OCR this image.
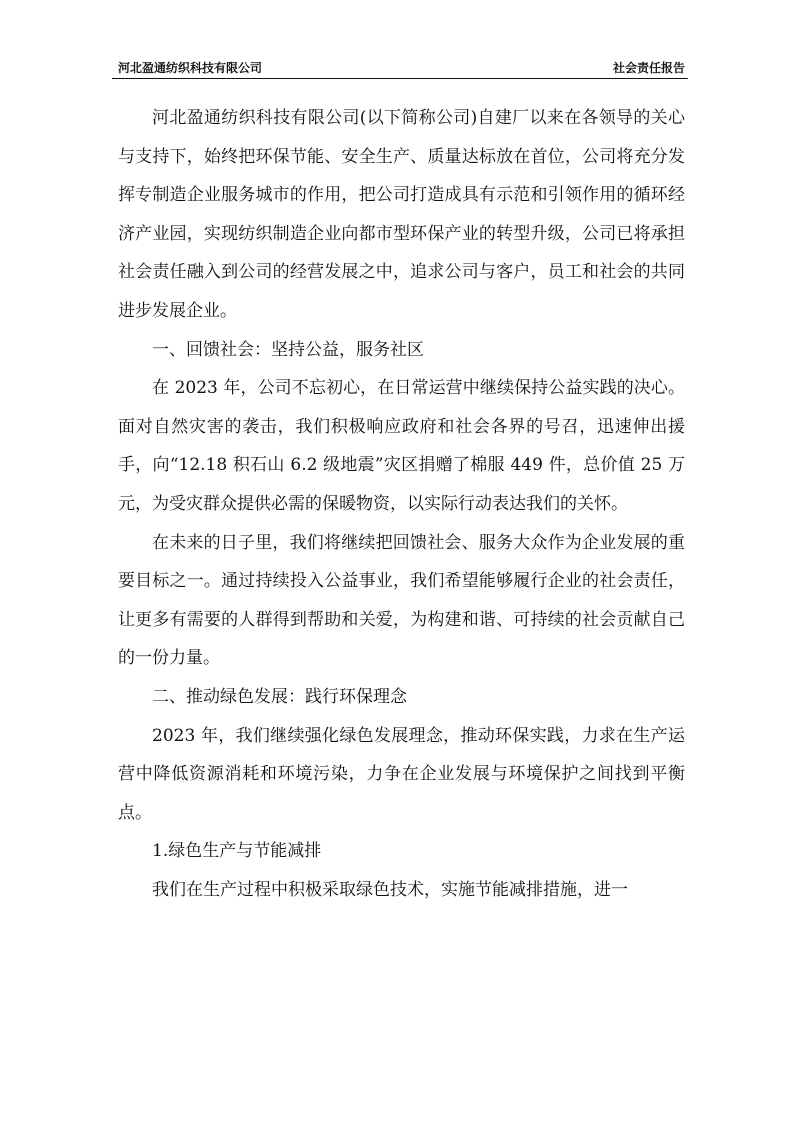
河北盈通纺织科技有限公司	社会责任报告

河北盈通纺织科技有限公司(以下简称公司)自建厂以来在各领导的关心与支持下，始终把环保节能、安全生产、质量达标放在首位，公司将充分发挥专制造企业服务城市的作用，把公司打造成具有示范和引领作用的循环经济产业园，实现纺织制造企业向都市型环保产业的转型升级，公司已将承担社会责任融入到公司的经营发展之中，追求公司与客户，员工和社会的共同进步发展企业。

一、回馈社会：坚持公益，服务社区

在 2023 年，公司不忘初心，在日常运营中继续保持公益实践的决心。面对自然灾害的袭击，我们积极响应政府和社会各界的号召，迅速伸出援手，向“12.18 积石山 6.2 级地震”灾区捐赠了棉服 449 件，总价值 25 万元，为受灾群众提供必需的保暖物资，以实际行动表达我们的关怀。

在未来的日子里，我们将继续把回馈社会、服务大众作为企业发展的重要目标之一。通过持续投入公益事业，我们希望能够履行企业的社会责任，让更多有需要的人群得到帮助和关爱，为构建和谐、可持续的社会贡献自己的一份力量。

二、推动绿色发展：践行环保理念

2023 年，我们继续强化绿色发展理念，推动环保实践，力求在生产运营中降低资源消耗和环境污染，力争在企业发展与环境保护之间找到平衡点。

1.绿色生产与节能减排

我们在生产过程中积极采取绿色技术，实施节能减排措施，进一
